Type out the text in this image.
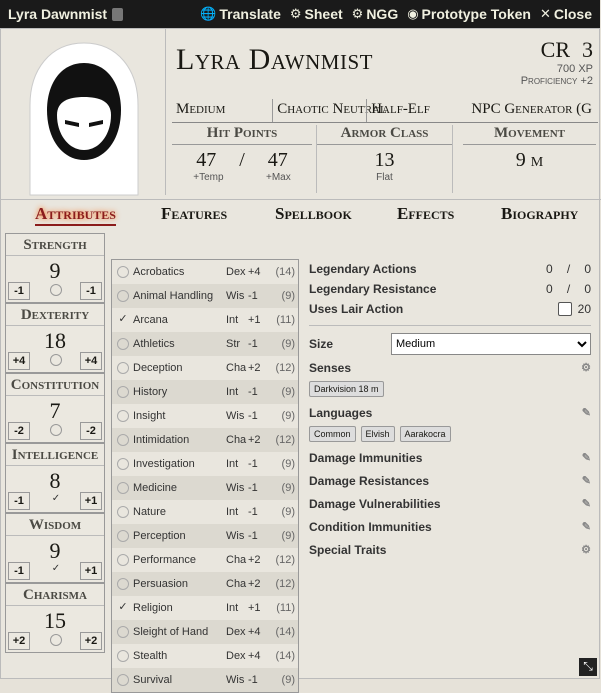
Lyra Dawnmist	🌐 Translate ⚙ Sheet ⚙ NGG ◉ Prototype Token ✕ Close
Lyra Dawnmist	CR 3
700 XP
Proficiency +2
Medium	Chaotic Neutral
Half-Elf	NPC Generator (G
Hit Points
47 / 47
+Temp	+Max
Armor Class
13
Flat
Movement
9 m
Attributes	Features	Spellbook	Effects	Biography
Strength
9
-1	-1
Dexterity
18
+4	+4
Constitution
7
-2	-2
Intelligence
8
-1	✓	+1
Wisdom
9
-1	✓	+1
Charisma
15
+2	+2
Acrobatics	Dex +4	(14)
Animal Handling	Wis -1	(9)
✓ Arcana	Int +1	(11)
Athletics	Str -1	(9)
Deception	Cha +2	(12)
History	Int -1	(9)
Insight	Wis -1	(9)
Intimidation	Cha +2	(12)
Investigation	Int -1	(9)
Medicine	Wis -1	(9)
Nature	Int -1	(9)
Perception	Wis -1	(9)
Performance	Cha +2	(12)
Persuasion	Cha +2	(12)
✓ Religion	Int +1	(11)
Sleight of Hand	Dex +4	(14)
Stealth	Dex +4	(14)
Survival	Wis -1	(9)
Legendary Actions	0 / 0
Legendary Resistance	0 / 0
Uses Lair Action	20
Size
Medium
Senses	⚙
Darkvision 18 m
Languages	✎
Common	Elvish	Aarakocra
Damage Immunities	✎
Damage Resistances	✎
Damage Vulnerabilities	✎
Condition Immunities	✎
Special Traits	⚙
⤡
